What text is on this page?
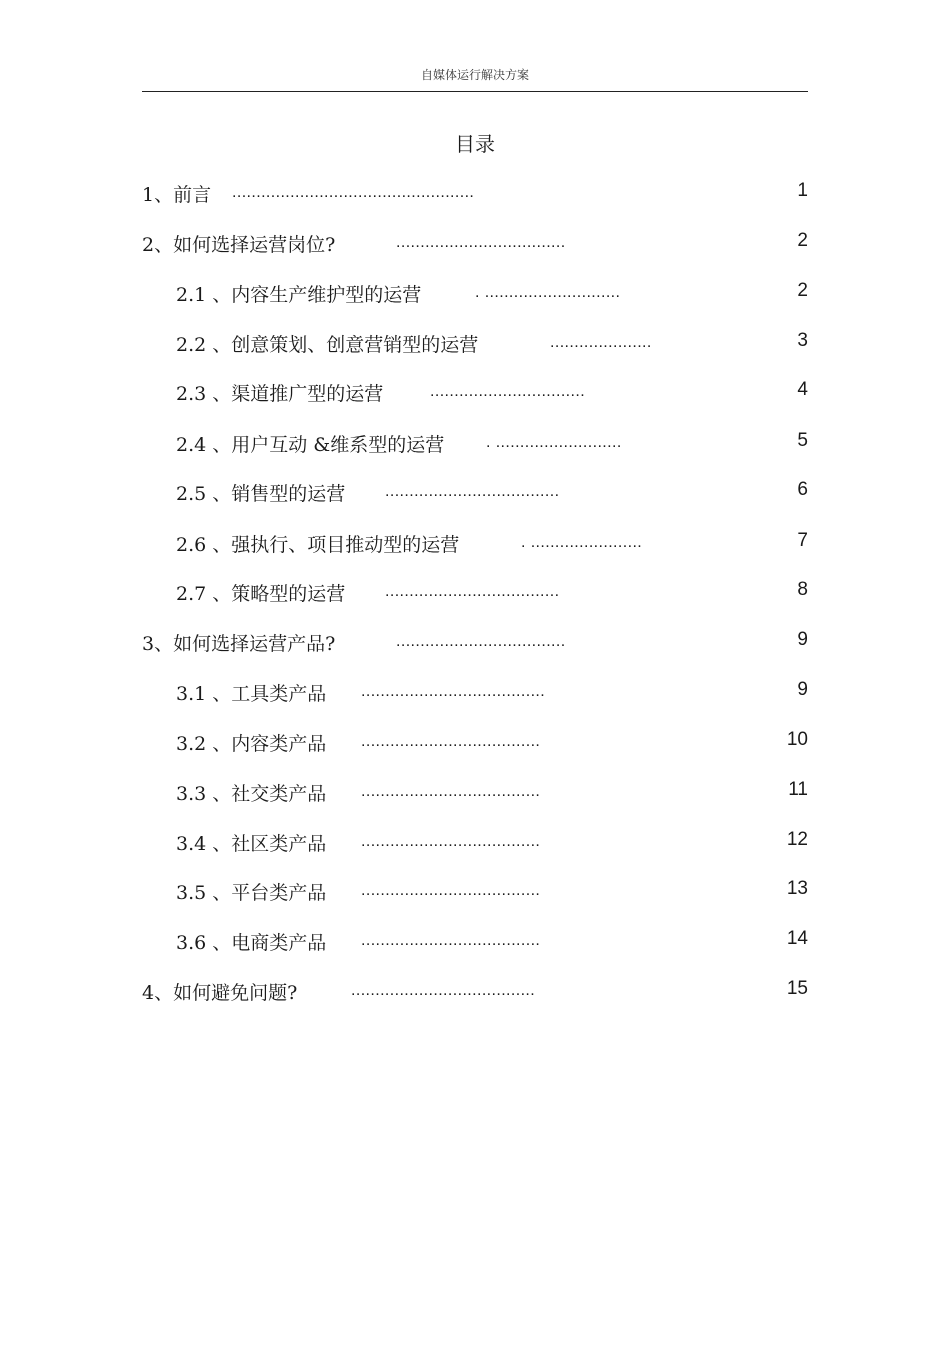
自媒体运行解决方案
目录
1、前言 ..................................................	1
2、如何选择运营岗位?	...................................	2
2.1 、内容生产维护型的运营	. ............................	2
2.2 、创意策划、创意营销型的运营	.....................	3
2.3 、渠道推广型的运营	................................	4
2.4 、用户互动 &维系型的运营	. ..........................	5
2.5 、销售型的运营 ....................................	6
2.6 、强执行、项目推动型的运营	. .......................	7
2.7 、策略型的运营 ....................................	8
3、如何选择运营产品?	...................................	9
3.1 、工具类产品 ......................................	9
3.2 、内容类产品 .....................................	10
3.3 、社交类产品 .....................................	11
3.4 、社区类产品 .....................................	12
3.5 、平台类产品 .....................................	13
3.6 、电商类产品 .....................................	14
4、如何避免问题?	......................................	15
